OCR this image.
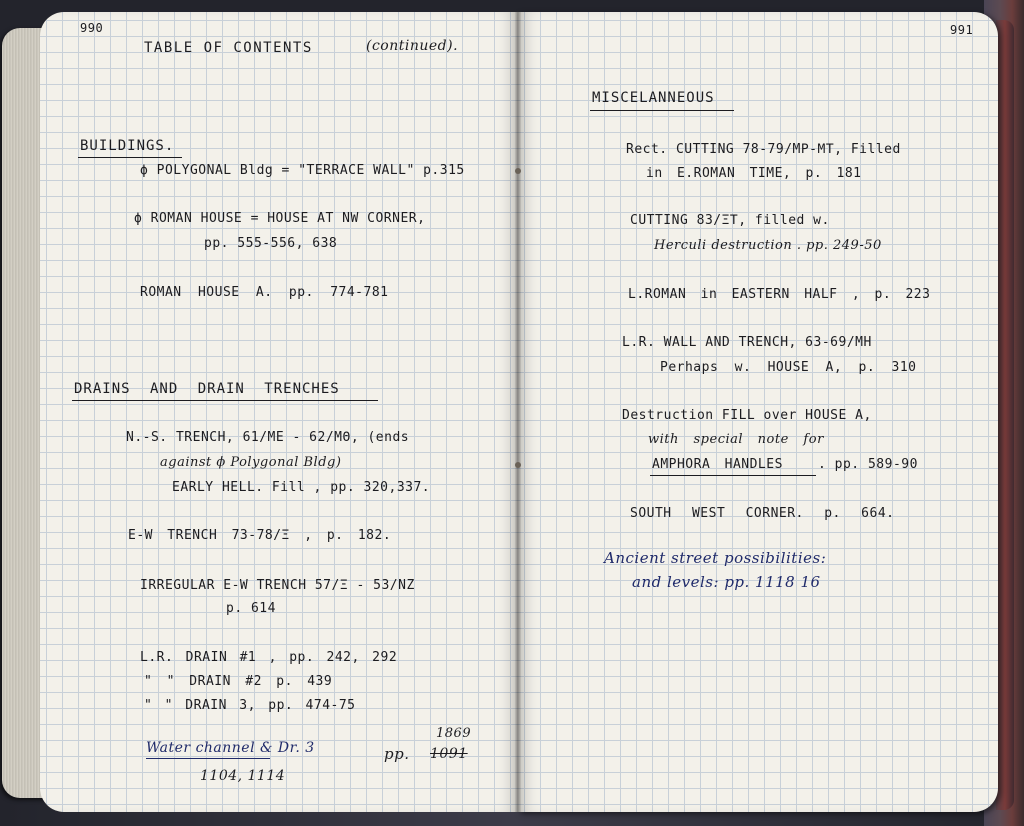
990

TABLE OF CONTENTS	(continued).

BUILDINGS.

ϕ POLYGONAL Bldg = "TERRACE WALL" p.315

ϕ ROMAN HOUSE = HOUSE AT NW CORNER,

pp. 555-556, 638

ROMAN HOUSE A. pp. 774-781

DRAINS AND DRAIN TRENCHES

N.-S. TRENCH, 61/ME - 62/MΘ, (ends

against ϕ Polygonal Bldg)

EARLY HELL. Fill , pp. 320,337.

E-W TRENCH 73-78/Ξ , p. 182.

IRREGULAR E-W TRENCH 57/Ξ - 53/NZ

p. 614

L.R. DRAIN #1 , pp. 242, 292

" " DRAIN #2 p. 439

" " DRAIN 3, pp. 474-75

Water channel & Dr. 3	pp. 1091

1869

1104, 1114

991

MISCELANNEOUS

Rect. CUTTING 78-79/MΡ-ΜΤ, Filled

in E.ROMAN TIME, p. 181

CUTTING 83/ΞΤ, filled w.

Herculi destruction . pp. 249-50

L.ROMAN in EASTERN HALF , p. 223

L.R. WALL AND TRENCH, 63-69/MH

Perhaps w. HOUSE A, p. 310

Destruction FILL over HOUSE A,

with special note for

AMPHORA HANDLES	. pp. 589-90

SOUTH WEST CORNER. p. 664.

Ancient street possibilities:

and levels: pp. 1118 16
